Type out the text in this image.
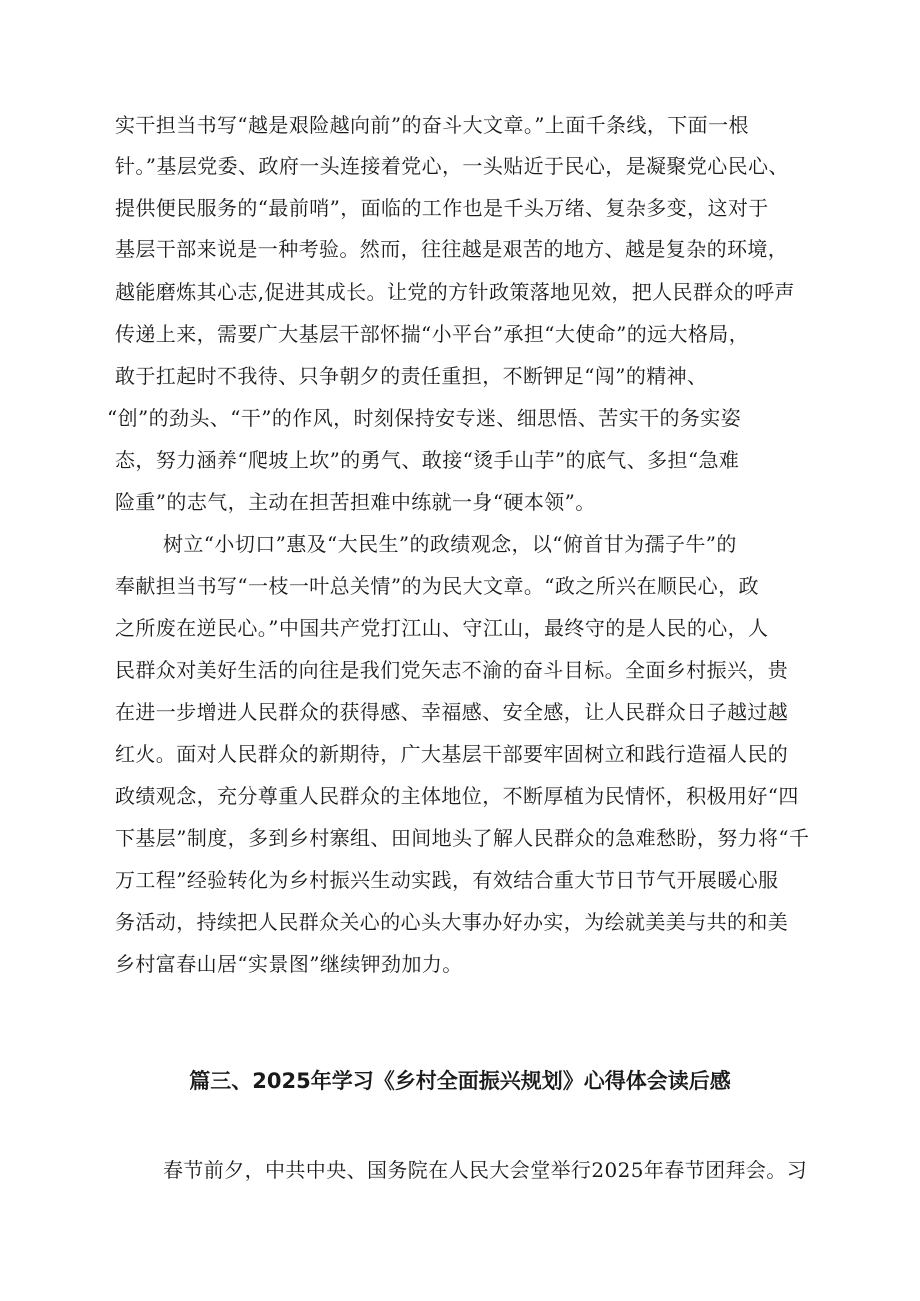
实干担当书写“越是艰险越向前”的奋斗大文章。”上面千条线，下面一根
针。”基层党委、政府一头连接着党心，一头贴近于民心，是凝聚党心民心、
提供便民服务的“最前哨”，面临的工作也是千头万绪、复杂多变，这对于
基层干部来说是一种考验。然而，往往越是艰苦的地方、越是复杂的环境，
越能磨炼其心志,促进其成长。让党的方针政策落地见效，把人民群众的呼声
传递上来，需要广大基层干部怀揣“小平台”承担“大使命”的远大格局，
敢于扛起时不我待、只争朝夕的责任重担，不断钾足“闯”的精神、
“创”的劲头、“干”的作风，时刻保持安专迷、细思悟、苦实干的务实姿
态，努力涵养“爬坡上坎”的勇气、敢接“烫手山芋”的底气、多担“急难
险重”的志气，主动在担苦担难中练就一身“硬本领”。
树立“小切口”惠及“大民生”的政绩观念，以“俯首甘为孺子牛”的
奉献担当书写“一枝一叶总关情”的为民大文章。“政之所兴在顺民心，政
之所废在逆民心。”中国共产党打江山、守江山，最终守的是人民的心，人
民群众对美好生活的向往是我们党矢志不渝的奋斗目标。全面乡村振兴，贵
在进一步增进人民群众的获得感、幸福感、安全感，让人民群众日子越过越
红火。面对人民群众的新期待，广大基层干部要牢固树立和践行造福人民的
政绩观念，充分尊重人民群众的主体地位，不断厚植为民情怀，积极用好“四
下基层”制度，多到乡村寨组、田间地头了解人民群众的急难愁盼，努力将“千
万工程”经验转化为乡村振兴生动实践，有效结合重大节日节气开展暖心服
务活动，持续把人民群众关心的心头大事办好办实，为绘就美美与共的和美
乡村富春山居“实景图”继续钾劲加力。
篇三、2025年学习《乡村全面振兴规划》心得体会读后感
春节前夕，中共中央、国务院在人民大会堂举行2025年春节团拜会。习
